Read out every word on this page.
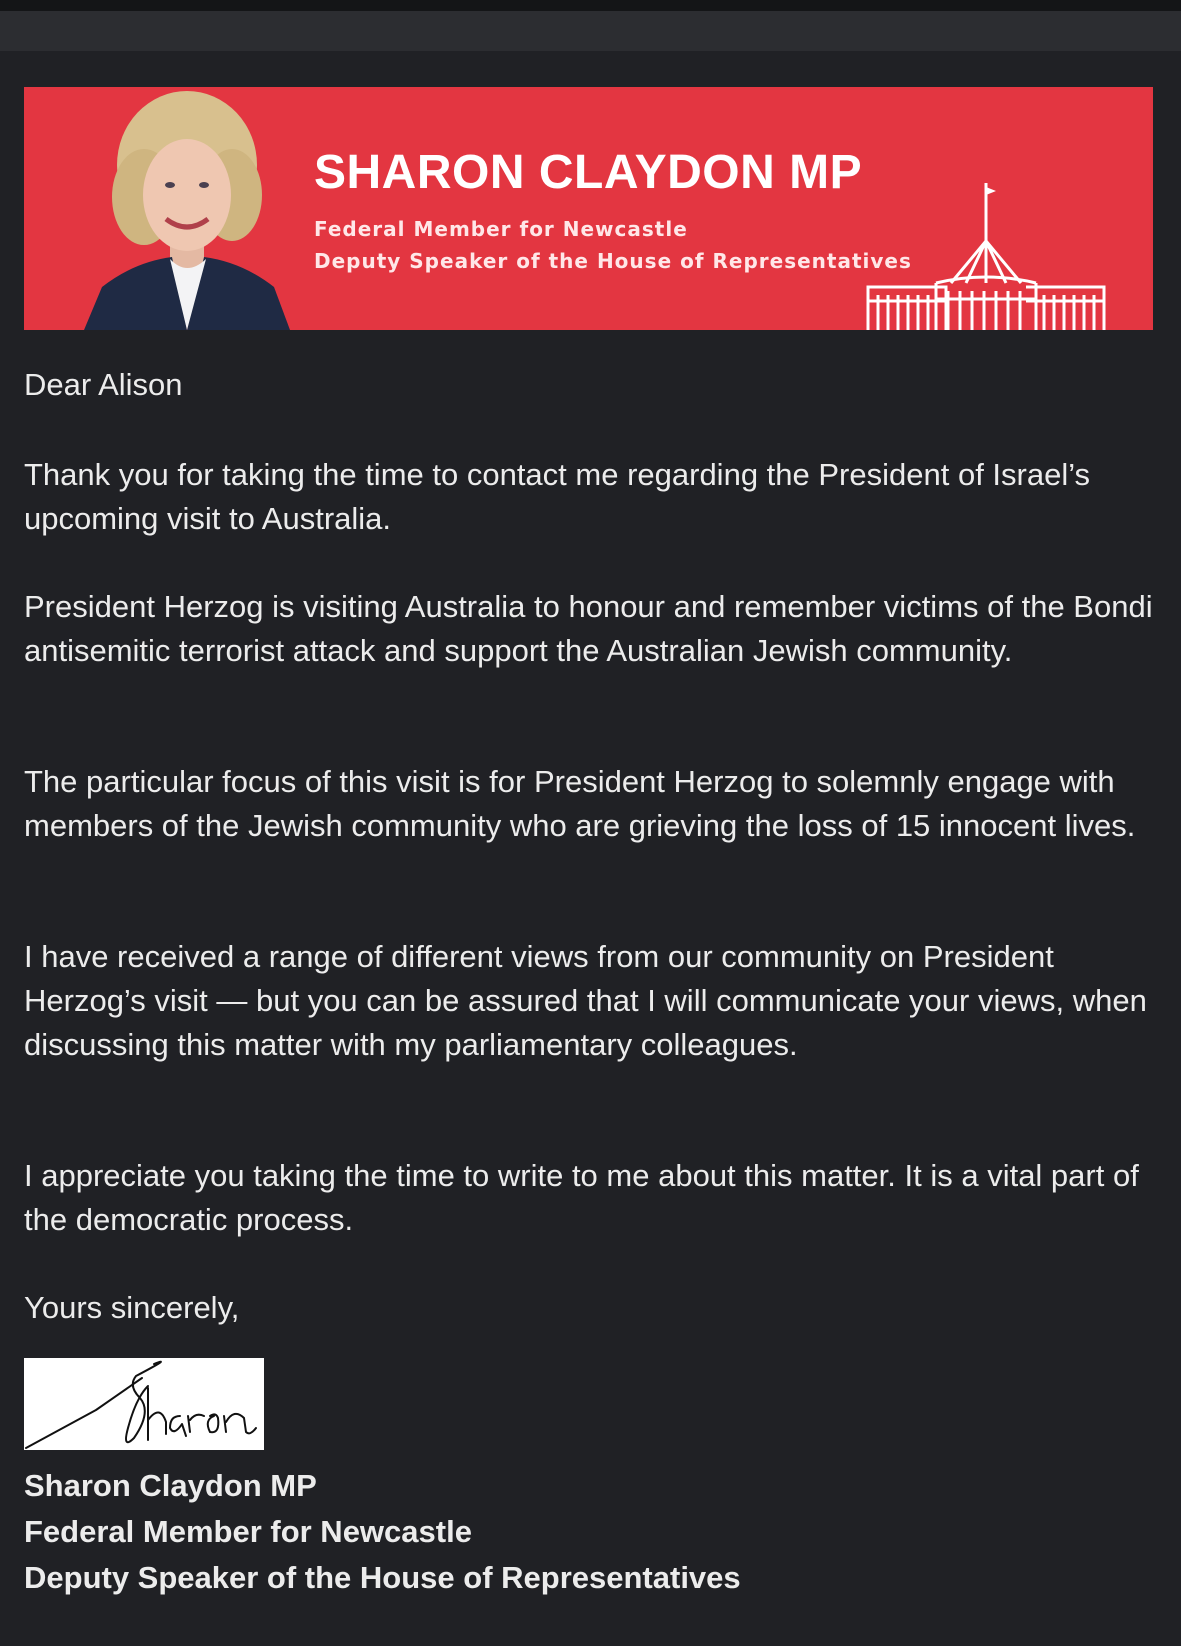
SHARON CLAYDON MP
Federal Member for Newcastle
Deputy Speaker of the House of Representatives

Dear Alison

Thank you for taking the time to contact me regarding the President of Israel’s upcoming visit to Australia.

President Herzog is visiting Australia to honour and remember victims of the Bondi antisemitic terrorist attack and support the Australian Jewish community.

The particular focus of this visit is for President Herzog to solemnly engage with members of the Jewish community who are grieving the loss of 15 innocent lives.

I have received a range of different views from our community on President Herzog’s visit — but you can be assured that I will communicate your views, when discussing this matter with my parliamentary colleagues.

I appreciate you taking the time to write to me about this matter. It is a vital part of the democratic process.

Yours sincerely,

Sharon Claydon MP
Federal Member for Newcastle
Deputy Speaker of the House of Representatives
